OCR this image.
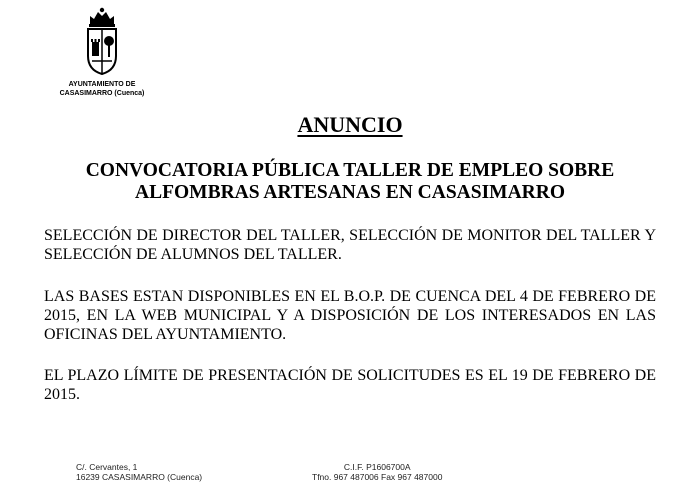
AYUNTAMIENTO DE
CASASIMARRO (Cuenca)
ANUNCIO
CONVOCATORIA PÚBLICA TALLER DE EMPLEO SOBRE
ALFOMBRAS ARTESANAS EN CASASIMARRO
SELECCIÓN DE DIRECTOR DEL TALLER, SELECCIÓN DE MONITOR DEL TALLER Y SELECCIÓN DE ALUMNOS DEL TALLER.
LAS BASES ESTAN DISPONIBLES EN EL B.O.P. DE CUENCA DEL 4 DE FEBRERO DE 2015, EN LA WEB MUNICIPAL Y A DISPOSICIÓN DE LOS INTERESADOS EN LAS OFICINAS DEL AYUNTAMIENTO.
EL PLAZO LÍMITE DE PRESENTACIÓN DE SOLICITUDES ES EL 19 DE FEBRERO DE 2015.
C/. Cervantes, 1
16239 CASASIMARRO (Cuenca)
C.I.F. P1606700A
Tfno. 967 487006 Fax 967 487000
